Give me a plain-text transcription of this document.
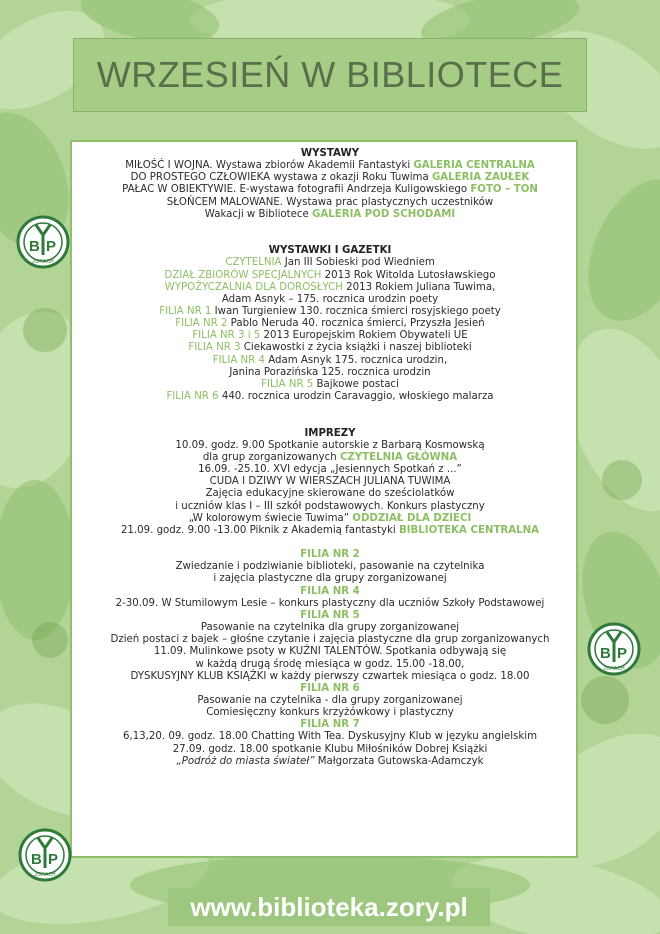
WRZESIEŃ W BIBLIOTECE
B P
ŻORACH
B P
ŻORACH
B P
ŻORACH
WYSTAWY
MIŁOŚĆ I WOJNA. Wystawa zbiorów Akademii Fantastyki GALERIA CENTRALNA
DO PROSTEGO CZŁOWIEKA wystawa z okazji Roku Tuwima GALERIA ZAUŁEK
PAŁAC W OBIEKTYWIE. E-wystawa fotografii Andrzeja Kuligowskiego FOTO – TON
SŁOŃCEM MALOWANE. Wystawa prac plastycznych uczestników
Wakacji w Bibliotece GALERIA POD SCHODAMI
WYSTAWKI I GAZETKI
CZYTELNIA Jan III Sobieski pod Wiedniem
DZIAŁ ZBIORÓW SPECJALNYCH 2013 Rok Witolda Lutosławskiego
WYPOŻYCZALNIA DLA DOROSŁYCH 2013 Rokiem Juliana Tuwima,
Adam Asnyk – 175. rocznica urodzin poety
FILIA NR 1 Iwan Turgieniew 130. rocznica śmierci rosyjskiego poety
FILIA NR 2 Pablo Neruda 40. rocznica śmierci, Przyszła Jesień
FILIA NR 3 i 5 2013 Europejskim Rokiem Obywateli UE
FILIA NR 3 Ciekawostki z życia książki i naszej biblioteki
FILIA NR 4 Adam Asnyk 175. rocznica urodzin,
Janina Porazińska 125. rocznica urodzin
FILIA NR 5 Bajkowe postaci
FILIA NR 6 440. rocznica urodzin Caravaggio, włoskiego malarza
IMPREZY
10.09. godz. 9.00 Spotkanie autorskie z Barbarą Kosmowską
dla grup zorganizowanych CZYTELNIA GŁÓWNA
16.09. -25.10. XVI edycja „Jesiennych Spotkań z ...”
CUDA I DZIWY W WIERSZACH JULIANA TUWIMA
Zajęcia edukacyjne skierowane do sześciolatków
i uczniów klas I – III szkół podstawowych. Konkurs plastyczny
„W kolorowym świecie Tuwima” ODDZIAŁ DLA DZIECI
21.09. godz. 9.00 -13.00 Piknik z Akademią fantastyki BIBLIOTEKA CENTRALNA
FILIA NR 2
Zwiedzanie i podziwianie biblioteki, pasowanie na czytelnika
i zajęcia plastyczne dla grupy zorganizowanej
FILIA NR 4
2-30.09. W Stumilowym Lesie – konkurs plastyczny dla uczniów Szkoły Podstawowej
FILIA NR 5
Pasowanie na czytelnika dla grupy zorganizowanej
Dzień postaci z bajek – głośne czytanie i zajęcia plastyczne dla grup zorganizowanych
11.09. Mulinkowe psoty w KUŹNI TALENTÓW. Spotkania odbywają się
w każdą drugą środę miesiąca w godz. 15.00 -18.00,
DYSKUSYJNY KLUB KSIĄŻKI w każdy pierwszy czwartek miesiąca o godz. 18.00
FILIA NR 6
Pasowanie na czytelnika - dla grupy zorganizowanej
Comiesięczny konkurs krzyżówkowy i plastyczny
FILIA NR 7
6,13,20. 09. godz. 18.00 Chatting With Tea. Dyskusyjny Klub w języku angielskim
27.09. godz. 18.00 spotkanie Klubu Miłośników Dobrej Książki
„Podróż do miasta świateł” Małgorzata Gutowska-Adamczyk
www.biblioteka.zory.pl
